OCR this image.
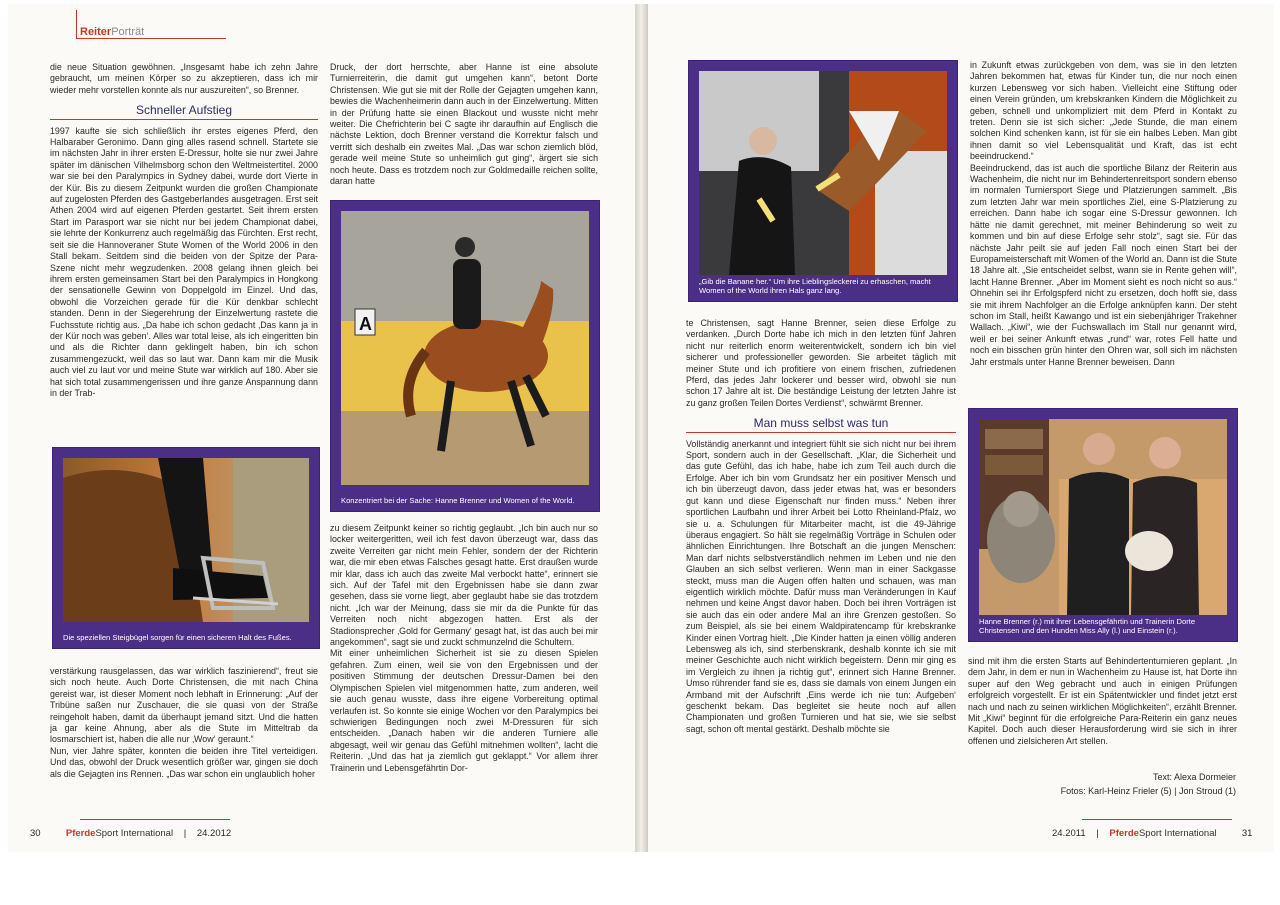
ReiterPorträt

die neue Situation gewöhnen. „Insgesamt habe ich zehn Jahre gebraucht, um meinen Körper so zu akzeptieren, dass ich mir wieder mehr vorstellen konnte als nur auszureiten“, so Brenner.

Schneller Aufstieg

1997 kaufte sie sich schließlich ihr erstes eigenes Pferd, den Halbaraber Geronimo. Dann ging alles rasend schnell. Startete sie im nächsten Jahr in ihrer ersten E-Dressur, holte sie nur zwei Jahre später im dänischen Vilhelmsborg schon den Weltmeistertitel. 2000 war sie bei den Paralympics in Sydney dabei, wurde dort Vierte in der Kür. Bis zu diesem Zeitpunkt wurden die großen Championate auf zugelosten Pferden des Gastgeberlandes ausgetragen. Erst seit Athen 2004 wird auf eigenen Pferden gestartet. Seit ihrem ersten Start im Parasport war sie nicht nur bei jedem Championat dabei, sie lehrte der Konkurrenz auch regelmäßig das Fürchten. Erst recht, seit sie die Hannoveraner Stute Women of the World 2006 in den Stall bekam. Seitdem sind die beiden von der Spitze der Para-Szene nicht mehr wegzudenken. 2008 gelang ihnen gleich bei ihrem ersten gemeinsamen Start bei den Paralympics in Hongkong der sensationelle Gewinn von Doppelgold im Einzel. Und das, obwohl die Vorzeichen gerade für die Kür denkbar schlecht standen. Denn in der Siegerehrung der Einzelwertung rastete die Fuchsstute richtig aus. „Da habe ich schon gedacht ‚Das kann ja in der Kür noch was geben‘. Alles war total leise, als ich eingeritten bin und als die Richter dann geklingelt haben, bin ich schon zusammengezuckt, weil das so laut war. Dann kam mir die Musik auch viel zu laut vor und meine Stute war wirklich auf 180. Aber sie hat sich total zusammengerissen und ihre ganze Anspannung dann in der Trab-

Die speziellen Steigbügel sorgen für einen sicheren Halt des Fußes.

verstärkung rausgelassen, das war wirklich faszinierend“, freut sie sich noch heute. Auch Dorte Christensen, die mit nach China gereist war, ist dieser Moment noch lebhaft in Erinnerung: „Auf der Tribüne saßen nur Zuschauer, die sie quasi von der Straße reingeholt haben, damit da überhaupt jemand sitzt. Und die hatten ja gar keine Ahnung, aber als die Stute im Mitteltrab da losmarschiert ist, haben die alle nur ‚Wow‘ geraunt.“

Nun, vier Jahre später, konnten die beiden ihre Titel verteidigen. Und das, obwohl der Druck wesentlich größer war, gingen sie doch als die Gejagten ins Rennen. „Das war schon ein unglaublich hoher

Druck, der dort herrschte, aber Hanne ist eine absolute Turnierreiterin, die damit gut umgehen kann“, betont Dorte Christensen. Wie gut sie mit der Rolle der Gejagten umgehen kann, bewies die Wachenheimerin dann auch in der Einzelwertung. Mitten in der Prüfung hatte sie einen Blackout und wusste nicht mehr weiter. Die Chefrichterin bei C sagte ihr daraufhin auf Englisch die nächste Lektion, doch Brenner verstand die Korrektur falsch und verritt sich deshalb ein zweites Mal. „Das war schon ziemlich blöd, gerade weil meine Stute so unheimlich gut ging“, ärgert sie sich noch heute. Dass es trotzdem noch zur Goldmedaille reichen sollte, daran hatte

A
Konzentriert bei der Sache: Hanne Brenner und Women of the World.

zu diesem Zeitpunkt keiner so richtig geglaubt. „Ich bin auch nur so locker weitergeritten, weil ich fest davon überzeugt war, dass das zweite Verreiten gar nicht mein Fehler, sondern der der Richterin war, die mir eben etwas Falsches gesagt hatte. Erst draußen wurde mir klar, dass ich auch das zweite Mal verbockt hatte“, erinnert sie sich. Auf der Tafel mit den Ergebnissen habe sie dann zwar gesehen, dass sie vorne liegt, aber geglaubt habe sie das trotzdem nicht. „Ich war der Meinung, dass sie mir da die Punkte für das Verreiten noch nicht abgezogen hatten. Erst als der Stadionsprecher ‚Gold for Germany‘ gesagt hat, ist das auch bei mir angekommen“, sagt sie und zuckt schmunzelnd die Schultern.

Mit einer unheimlichen Sicherheit ist sie zu diesen Spielen gefahren. Zum einen, weil sie von den Ergebnissen und der positiven Stimmung der deutschen Dressur-Damen bei den Olympischen Spielen viel mitgenommen hatte, zum anderen, weil sie auch genau wusste, dass ihre eigene Vorbereitung optimal verlaufen ist. So konnte sie einige Wochen vor den Paralympics bei schwierigen Bedingungen noch zwei M-Dressuren für sich entscheiden. „Danach haben wir die anderen Turniere alle abgesagt, weil wir genau das Gefühl mitnehmen wollten“, lacht die Reiterin. „Und das hat ja ziemlich gut geklappt.“ Vor allem ihrer Trainerin und Lebensgefährtin Dor-

„Gib die Banane her.“ Um ihre Lieblingsleckerei zu erhaschen, macht Women of the World ihren Hals ganz lang.

te Christensen, sagt Hanne Brenner, seien diese Erfolge zu verdanken. „Durch Dorte habe ich mich in den letzten fünf Jahren nicht nur reiterlich enorm weiterentwickelt, sondern ich bin viel sicherer und professioneller geworden. Sie arbeitet täglich mit meiner Stute und ich profitiere von einem frischen, zufriedenen Pferd, das jedes Jahr lockerer und besser wird, obwohl sie nun schon 17 Jahre alt ist. Die beständige Leistung der letzten Jahre ist zu ganz großen Teilen Dortes Verdienst“, schwärmt Brenner.

Man muss selbst was tun

Vollständig anerkannt und integriert fühlt sie sich nicht nur bei ihrem Sport, sondern auch in der Gesellschaft. „Klar, die Sicherheit und das gute Gefühl, das ich habe, habe ich zum Teil auch durch die Erfolge. Aber ich bin vom Grundsatz her ein positiver Mensch und ich bin überzeugt davon, dass jeder etwas hat, was er besonders gut kann und diese Eigenschaft nur finden muss.“ Neben ihrer sportlichen Laufbahn und ihrer Arbeit bei Lotto Rheinland-Pfalz, wo sie u. a. Schulungen für Mitarbeiter macht, ist die 49-Jährige überaus engagiert. So hält sie regelmäßig Vorträge in Schulen oder ähnlichen Einrichtungen. Ihre Botschaft an die jungen Menschen: Man darf nichts selbstverständlich nehmen im Leben und nie den Glauben an sich selbst verlieren. Wenn man in einer Sackgasse steckt, muss man die Augen offen halten und schauen, was man eigentlich wirklich möchte. Dafür muss man Veränderungen in Kauf nehmen und keine Angst davor haben. Doch bei ihren Vorträgen ist sie auch das ein oder andere Mal an ihre Grenzen gestoßen. So zum Beispiel, als sie bei einem Waldpiratencamp für krebskranke Kinder einen Vortrag hielt. „Die Kinder hatten ja einen völlig anderen Lebensweg als ich, sind sterbenskrank, deshalb konnte ich sie mit meiner Geschichte auch nicht wirklich begeistern. Denn mir ging es im Vergleich zu ihnen ja richtig gut“, erinnert sich Hanne Brenner. Umso rührender fand sie es, dass sie damals von einem Jungen ein Armband mit der Aufschrift ‚Eins werde ich nie tun: Aufgeben‘ geschenkt bekam. Das begleitet sie heute noch auf allen Championaten und großen Turnieren und hat sie, wie sie selbst sagt, schon oft mental gestärkt. Deshalb möchte sie

in Zukunft etwas zurückgeben von dem, was sie in den letzten Jahren bekommen hat, etwas für Kinder tun, die nur noch einen kurzen Lebensweg vor sich haben. Vielleicht eine Stiftung oder einen Verein gründen, um krebskranken Kindern die Möglichkeit zu geben, schnell und unkompliziert mit dem Pferd in Kontakt zu treten. Denn sie ist sich sicher: „Jede Stunde, die man einem solchen Kind schenken kann, ist für sie ein halbes Leben. Man gibt ihnen damit so viel Lebensqualität und Kraft, das ist echt beeindruckend.“

Beeindruckend, das ist auch die sportliche Bilanz der Reiterin aus Wachenheim, die nicht nur im Behindertenreitsport sondern ebenso im normalen Turniersport Siege und Platzierungen sammelt. „Bis zum letzten Jahr war mein sportliches Ziel, eine S-Platzierung zu erreichen. Dann habe ich sogar eine S-Dressur gewonnen. Ich hätte nie damit gerechnet, mit meiner Behinderung so weit zu kommen und bin auf diese Erfolge sehr stolz“, sagt sie. Für das nächste Jahr peilt sie auf jeden Fall noch einen Start bei der Europameisterschaft mit Women of the World an. Dann ist die Stute 18 Jahre alt. „Sie entscheidet selbst, wann sie in Rente gehen will“, lacht Hanne Brenner. „Aber im Moment sieht es noch nicht so aus.“ Ohnehin sei ihr Erfolgspferd nicht zu ersetzen, doch hofft sie, dass sie mit ihrem Nachfolger an die Erfolge anknüpfen kann. Der steht schon im Stall, heißt Kawango und ist ein siebenjähriger Trakehner Wallach. „Kiwi“, wie der Fuchswallach im Stall nur genannt wird, weil er bei seiner Ankunft etwas „rund“ war, rotes Fell hatte und noch ein bisschen grün hinter den Ohren war, soll sich im nächsten Jahr erstmals unter Hanne Brenner beweisen. Dann

Hanne Brenner (r.) mit ihrer Lebensgefährtin und Trainerin Dorte Christensen und den Hunden Miss Ally (l.) und Einstein (r.).

sind mit ihm die ersten Starts auf Behindertenturnieren geplant. „In dem Jahr, in dem er nun in Wachenheim zu Hause ist, hat Dorte ihn super auf den Weg gebracht und auch in einigen Prüfungen erfolgreich vorgestellt. Er ist ein Spätentwickler und findet jetzt erst nach und nach zu seinen wirklichen Möglichkeiten“, erzählt Brenner. Mit „Kiwi“ beginnt für die erfolgreiche Para-Reiterin ein ganz neues Kapitel. Doch auch dieser Herausforderung wird sie sich in ihrer offenen und zielsicheren Art stellen.

Text: Alexa Dormeier
Fotos: Karl-Heinz Frieler (5) | Jon Stroud (1)
30	PferdeSport International | 24.2012	24.2011 | PferdeSport International	31
